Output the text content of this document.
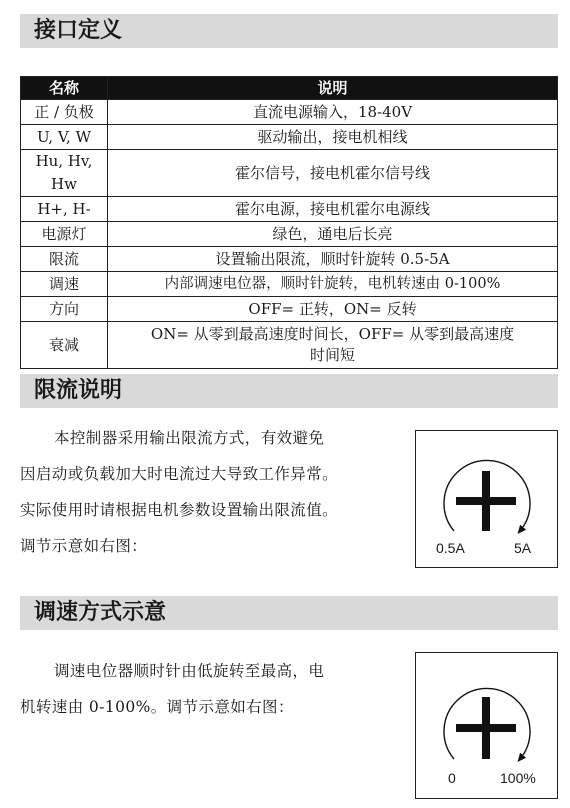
接口定义
名称	说明
正 / 负极	直流电源输入，18-40V
U, V, W	驱动输出，接电机相线
Hu, Hv, Hw	霍尔信号，接电机霍尔信号线
H+, H-	霍尔电源，接电机霍尔电源线
电源灯	绿色，通电后长亮
限流	设置输出限流，顺时针旋转 0.5-5A
调速	内部调速电位器，顺时针旋转，电机转速由 0-100%
方向	OFF= 正转，ON= 反转
衰减	ON= 从零到最高速度时间长，OFF= 从零到最高速度
时间短
限流说明
本控制器采用输出限流方式，有效避免
因启动或负载加大时电流过大导致工作异常。
实际使用时请根据电机参数设置输出限流值。
调节示意如右图：	0.5A	5A
调速方式示意
调速电位器顺时针由低旋转至最高，电
机转速由 0-100%。调节示意如右图：
0	100%
